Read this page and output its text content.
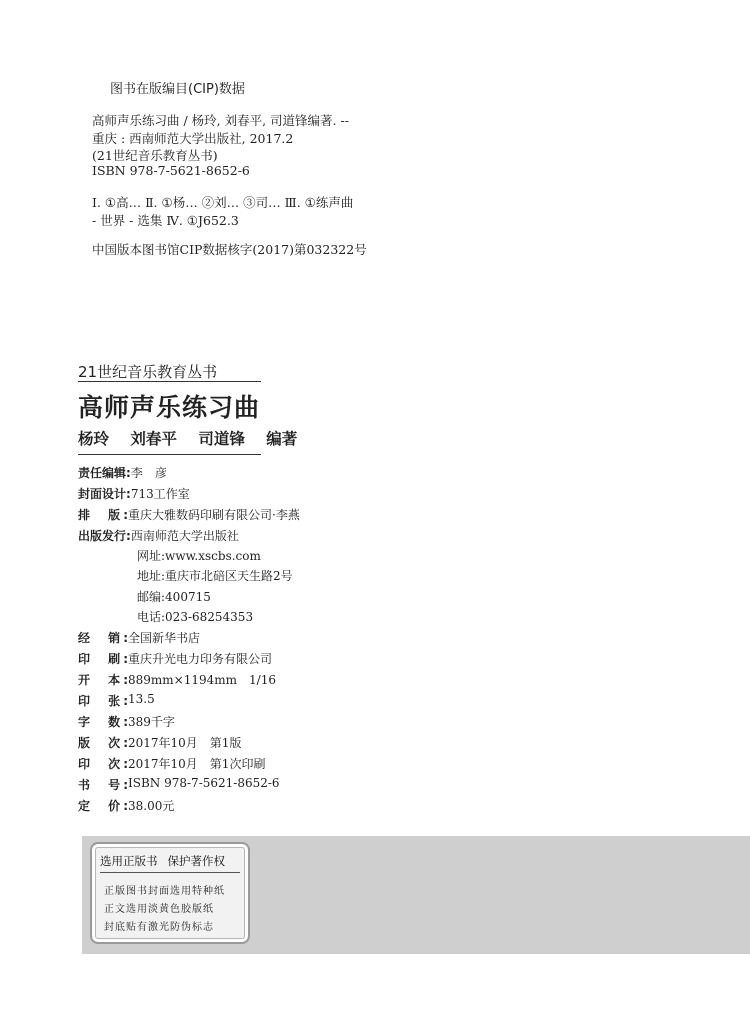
图书在版编目(CIP)数据
高师声乐练习曲 / 杨玲, 刘春平, 司道锋编著. --
重庆 : 西南师范大学出版社, 2017.2
(21世纪音乐教育丛书)
ISBN 978-7-5621-8652-6
Ⅰ. ①高… Ⅱ. ①杨… ②刘… ③司… Ⅲ. ①练声曲
- 世界 - 选集 Ⅳ. ①J652.3
中国版本图书馆CIP数据核字(2017)第032322号
21世纪音乐教育丛书
高师声乐练习曲
杨玲 刘春平 司道锋 编著
责任编辑: 李　彦
封面设计: 713工作室
排　版: 重庆大雅数码印刷有限公司·李燕
出版发行: 西南师范大学出版社
网址:www.xscbs.com
地址:重庆市北碚区天生路2号
邮编:400715
电话:023-68254353
经　销: 全国新华书店
印　刷: 重庆升光电力印务有限公司
开　本: 889mm×1194mm　1/16
印　张: 13.5
字　数: 389千字
版　次: 2017年10月　第1版
印　次: 2017年10月　第1次印刷
书　号: ISBN 978-7-5621-8652-6
定　价: 38.00元
选用正版书 保护著作权
正版图书封面选用特种纸
正文选用淡黄色胶版纸
封底贴有激光防伪标志
